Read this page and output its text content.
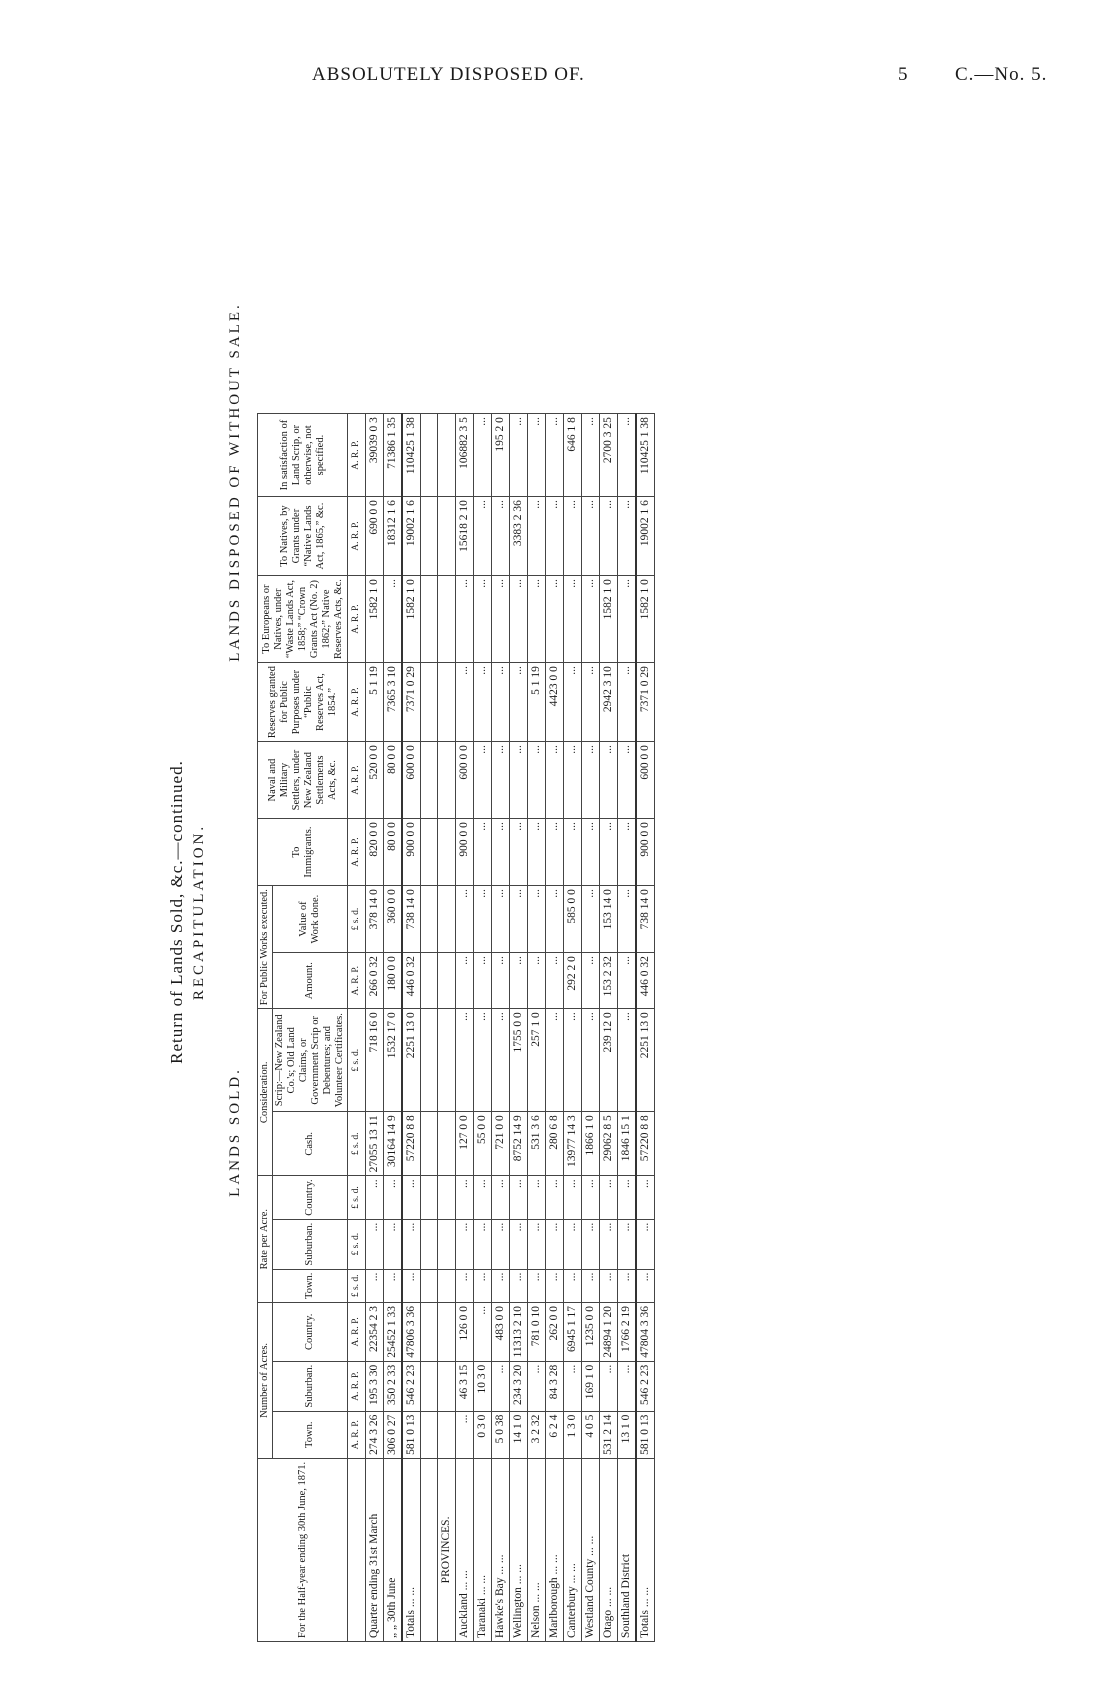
ABSOLUTELY DISPOSED OF.	5 C.—No. 5.
Return of Lands Sold, &c.—continued. RECAPITULATION.
LANDS SOLD.
LANDS DISPOSED OF WITHOUT SALE.
For the Half-year ending 30th June, 1871.	Number of Acres.			Rate per Acre.			Consideration.		For Public Works executed.		To Immigrants.	Naval and Military Settlers, under New Zealand Settlements Acts, &c.	Reserves granted for Public Purposes under “Public Reserves Act, 1854.”	To Europeans or Natives, under “Waste Lands Act, 1858;” “Crown Grants Act (No. 2) 1862;” Native Reserves Acts, &c.	To Natives, by Grants under “Native Lands Act, 1865,” &c.	In satisfaction of Land Scrip, or otherwise, not specified.
	Town.	Suburban.	Country.	Town.	Suburban.	Country.	Cash.	Scrip:—New Zealand Co.'s; Old Land Claims, or Government Scrip or Debentures; and Volunteer Certificates.	Amount.	Value of Work done.						
	A. R. P.	A. R. P.	A. R. P.	£ s. d.	£ s. d.	£ s. d.	£ s. d.	£ s. d.	A. R. P.	£ s. d.	A. R. P.	A. R. P.	A. R. P.	A. R. P.	A. R. P.	A. R. P.
Quarter ending 31st March	274 3 26	195 3 30	22354 2 3	...	...	...	27055 13 11	718 16 0	266 0 32	378 14 0	820 0 0	520 0 0	5 1 19	1582 1 0	690 0 0	39039 0 3
„ „ 30th June	306 0 27	350 2 33	25452 1 33	...	...	...	30164 14 9	1532 17 0	180 0 0	360 0 0	80 0 0	80 0 0	7365 3 10	...	18312 1 6	71386 1 35
Totals ... ...	581 0 13	546 2 23	47806 3 36	...	...	...	57220 8 8	2251 13 0	446 0 32	738 14 0	900 0 0	600 0 0	7371 0 29	1582 1 0	19002 1 6	110425 1 38

PROVINCES.																
Auckland ... ...	...	46 3 15	126 0 0	...	...	...	127 0 0	...	...	...	900 0 0	600 0 0	...	...	15618 2 10	106882 3 5
Taranaki ... ...	0 3 0	10 3 0	...	...	...	...	55 0 0	...	...	...	...	...	...	...	...	...
Hawke's Bay ... ...	5 0 38	...	483 0 0	...	...	...	721 0 0	...	...	...	...	...	...	...	...	195 2 0
Wellington ... ...	14 1 0	234 3 20	11313 2 10	...	...	...	8752 14 9	1755 0 0	...	...	...	...	...	...	3383 2 36	...
Nelson ... ...	3 2 32	...	781 0 10	...	...	...	531 3 6	257 1 0	...	...	...	...	5 1 19	...	...	...
Marlborough ... ...	6 2 4	84 3 28	262 0 0	...	...	...	280 6 8	...	...	...	...	...	4423 0 0	...	...	...
Canterbury ... ...	1 3 0	...	6945 1 17	...	...	...	13977 14 3	...	292 2 0	585 0 0	...	...	...	...	...	646 1 8
Westland County ... ...	4 0 5	169 1 0	1235 0 0	...	...	...	1866 1 0	...	...	...	...	...	...	...	...	...
Otago ... ...	531 2 14	...	24894 1 20	...	...	...	29062 8 5	239 12 0	153 2 32	153 14 0	...	...	2942 3 10	1582 1 0	...	2700 3 25
Southland District	13 1 0	...	1766 2 19	...	...	...	1846 15 1	...	...	...	...	...	...	...	...	...
Totals ... ...	581 0 13	546 2 23	47804 3 36	...	...	...	57220 8 8	2251 13 0	446 0 32	738 14 0	900 0 0	600 0 0	7371 0 29	1582 1 0	19002 1 6	110425 1 38
